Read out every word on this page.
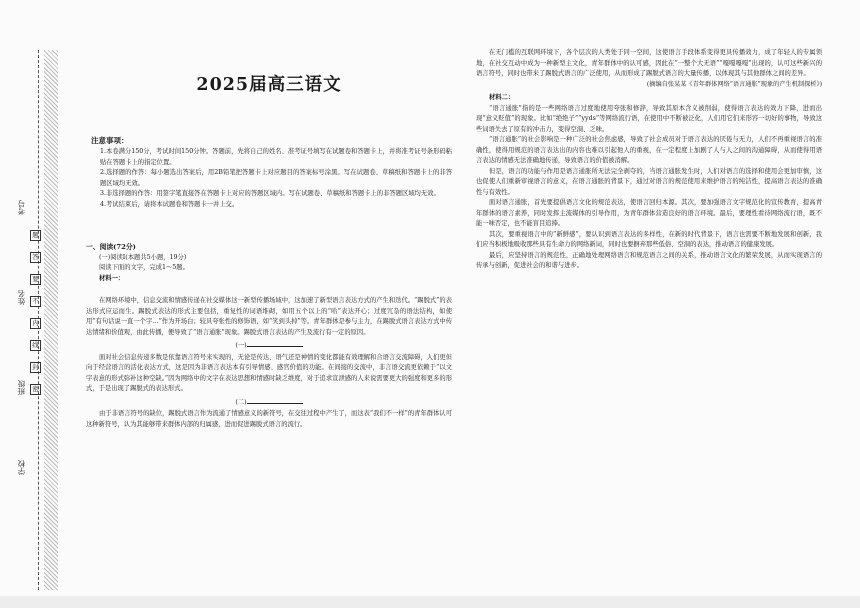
考号
姓名
班级
学校
题
答
要
不
内
线
封
密
2025届高三语文
注意事项：

1.本卷满分150分，考试时间150分钟。答题前，先将自己的姓名、准考证号填写在试题卷和答题卡上，并将准考证号条形码粘贴在答题卡上的指定位置。

2.选择题的作答：每小题选出答案后，用2B铅笔把答题卡上对应题目的答案标号涂黑。写在试题卷、草稿纸和答题卡上的非答题区域均无效。

3.非选择题的作答：用签字笔直接答在答题卡上对应的答题区域内。写在试题卷、草稿纸和答题卡上的非答题区域均无效。

4.考试结束后，请将本试题卷和答题卡一并上交。

一、阅读(72分)

(一)阅读Ⅰ(本题共5小题，19分)

阅读下面的文字，完成1～5题。

材料一：

在网络环境中，信息交流和情感传递在社交媒体这一新型传播场域中，这加速了新型语言表达方式的产生和迭代。“踢脱式”的表达形式应运而生。踢脱式表达的形式主要包括，重复性的词语堆砌，如用五个以上的“哈”表达开心；过度冗杂的语法结构，如使用“有句话说一直一个字…”作为开场白；较具夸张性的修饰语，如“笑到头掉”等。青年群体是参与主力，在踢脱式语言表达方式中传达情绪和价值观，由此传播，便导致了“语言通胀”现象。踢脱式语言表达的产生及流行有一定的原因。

(一)

面对社会信息传递多数是依靠语言符号来实现的，无论是传达、语气还是神情的变化都能有效理解和合语言交流障碍，人们更但向于经营语言的活化表达方式，这是因为非语言表达本有引导情感、感官价值的功能。在间接的交流中，非言语交流更依赖于“以文字表意的形式弥补这种空缺。”因为网络中的文字在表达思想和情感时缺乏维度，对于追求宣泄感的人来说需要更大的强度和更多的形式，于是出现了踢脱式的表达形式。

(二)

由于非语言符号的缺位，踢脱式语言作为流通了情感意义的新符号，在交往过程中产生了，而这表“我们不一样”的青年群体认可这种新符号，认为其能够带来群体内部的归属感，进而促进踢脱式语言的流行。

在无门槛的互联网环境下，各个层次的人类处于同一空间，这使语言手段体系变得更具传播效力，成了年轻人的专属领地，在社交互动中成为一种新型主文化，青年群体中的认可感，因此在“一整个大无语”“嘎嘎嘎嘎”出现的，认可这些新兴的语言符号，同时也带来了踢脱式语言的广泛使用，从而形成了踢脱式语言的大量传播，以体现其与其他群体之间的差异。

(摘编自张某某《青年群体网络“语言通胀”现象的产生机制探析》)

材料二：

“语言通胀”指的是一些网络语言过度地使用夸张和修辞，导致其原本含义被削弱，使得语言表达的效力下降，进而出现“意义贬值”的现象。比如“绝绝子”“yyds”等网络流行语，在使用中不断被泛化，人们用它们来形容一切好的事物，导致这些词语失去了原有的冲击力，变得空洞、乏味。

“语言通胀”的社会影响是一种广泛的社会焦虑感，导致了社会成员对于语言表达的厌倦与无力，人们不再重视语言的准确性，使得用规范的语言表达出的内容也难以引起他人的重视，在一定程度上加剧了人与人之间的沟通障碍，从而使得用语言表达的情感无法准确地传递，导致语言的价值被消解。

但是，语言的功能与作用是语言通胀所无法完全剥夺的，当语言通胀发生时，人们对语言的选择和使用会更加审慎，这也促使人们重新审视语言的意义，在语言通胀的背景下，通过对语言的规范使用来维护语言的纯洁性，提高语言表达的准确性与有效性。

面对语言通胀，首先要提倡语言文化的规范表达，使语言回归本源。其次，要加强语言文字规范化的宣传教育，提高青年群体的语言素养，同时发挥主流媒体的引导作用，为青年群体营造良好的语言环境。最后，要理性看待网络流行语，既不能一味否定，也不能盲目追捧。

其次，要重视语言中的“新鲜感”，要认识到语言表达的多样性，在新的时代背景下，语言也需要不断地发展和创新，我们应当积极地吸收那些具有生命力的网络新词，同时也要摒弃那些低俗、空洞的表达，推动语言的健康发展。

最后，应坚持语言的规范性，正确地处理网络语言和规范语言之间的关系，推动语言文化的繁荣发展，从而实现语言的传承与创新，促进社会的和谐与进步。
